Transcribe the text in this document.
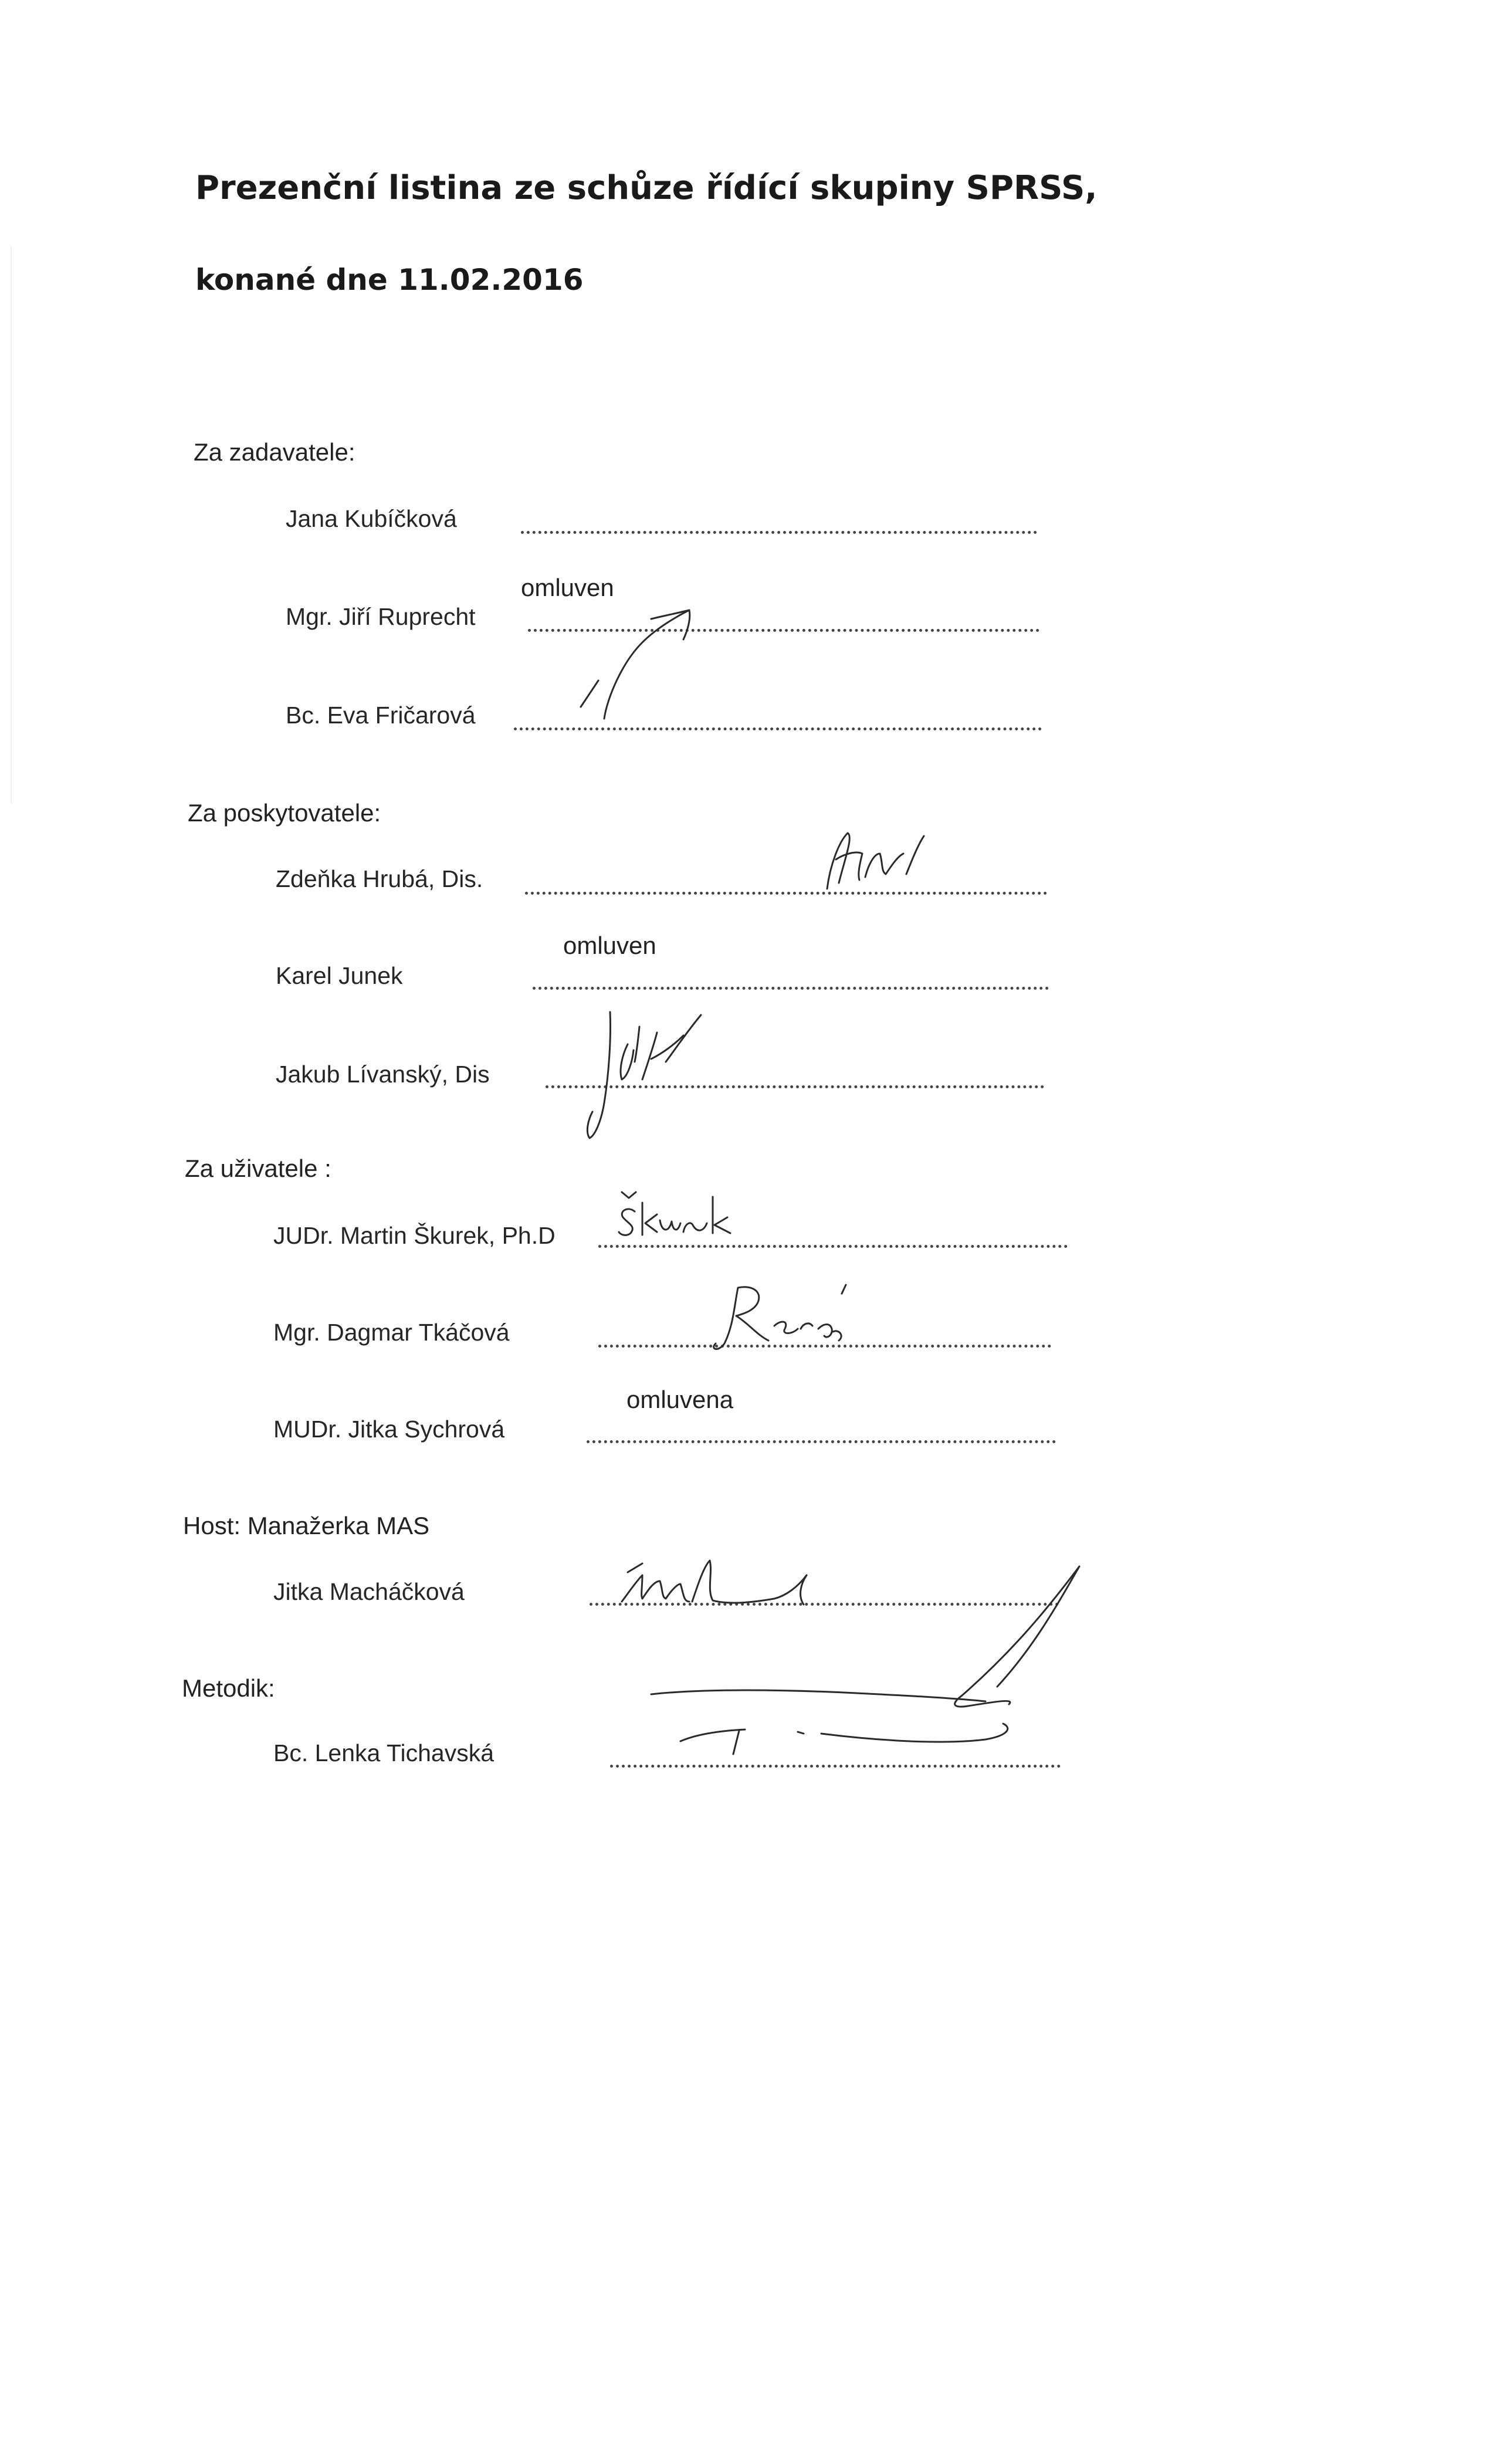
Prezenční listina ze schůze řídící skupiny SPRSS,
konané dne 11.02.2016
Za zadavatele:
Jana Kubíčková
Mgr. Jiří Ruprecht
omluven
Bc. Eva Fričarová
Za poskytovatele:
Zdeňka Hrubá, Dis.
Karel Junek
omluven
Jakub Lívanský, Dis
Za uživatele :
JUDr. Martin Škurek, Ph.D
Mgr. Dagmar Tkáčová
MUDr. Jitka Sychrová
omluvena
Host: Manažerka MAS
Jitka Macháčková
Metodik:
Bc. Lenka Tichavská
